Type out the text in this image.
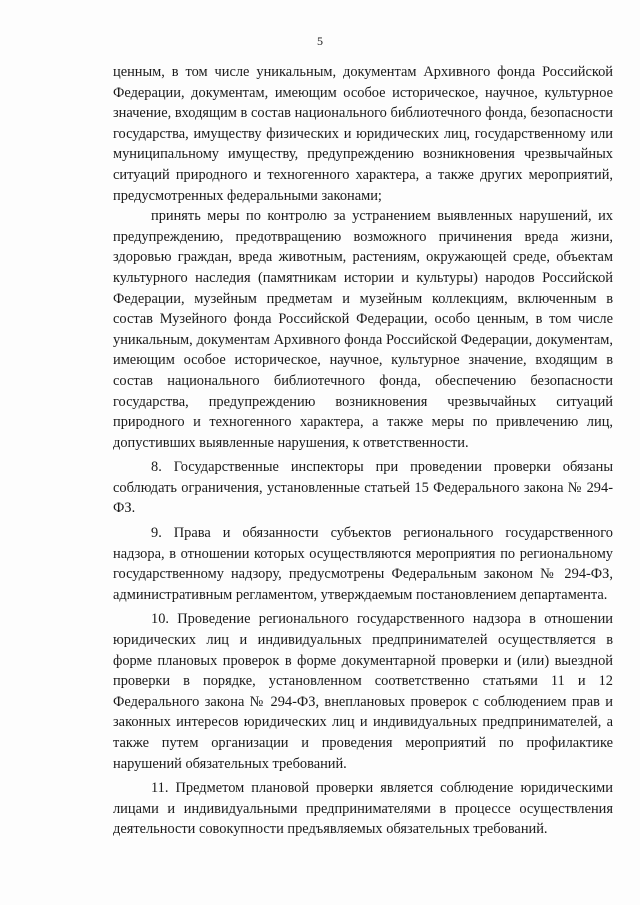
5

ценным, в том числе уникальным, документам Архивного фонда Российской Федерации, документам, имеющим особое историческое, научное, культурное значение, входящим в состав национального библиотечного фонда, безопасности государства, имуществу физических и юридических лиц, государственному или муниципальному имуществу, предупреждению возникновения чрезвычайных ситуаций природного и техногенного характера, а также других мероприятий, предусмотренных федеральными законами;

принять меры по контролю за устранением выявленных нарушений, их предупреждению, предотвращению возможного причинения вреда жизни, здоровью граждан, вреда животным, растениям, окружающей среде, объектам культурного наследия (памятникам истории и культуры) народов Российской Федерации, музейным предметам и музейным коллекциям, включенным в состав Музейного фонда Российской Федерации, особо ценным, в том числе уникальным, документам Архивного фонда Российской Федерации, документам, имеющим особое историческое, научное, культурное значение, входящим в состав национального библиотечного фонда, обеспечению безопасности государства, предупреждению возникновения чрезвычайных ситуаций природного и техногенного характера, а также меры по привлечению лиц, допустивших выявленные нарушения, к ответственности.

8. Государственные инспекторы при проведении проверки обязаны соблюдать ограничения, установленные статьей 15 Федерального закона № 294-ФЗ.

9. Права и обязанности субъектов регионального государственного надзора, в отношении которых осуществляются мероприятия по региональному государственному надзору, предусмотрены Федеральным законом № 294-ФЗ, административным регламентом, утверждаемым постановлением департамента.

10. Проведение регионального государственного надзора в отношении юридических лиц и индивидуальных предпринимателей осуществляется в форме плановых проверок в форме документарной проверки и (или) выездной проверки в порядке, установленном соответственно статьями 11 и 12 Федерального закона № 294-ФЗ, внеплановых проверок с соблюдением прав и законных интересов юридических лиц и индивидуальных предпринимателей, а также путем организации и проведения мероприятий по профилактике нарушений обязательных требований.

11. Предметом плановой проверки является соблюдение юридическими лицами и индивидуальными предпринимателями в процессе осуществления деятельности совокупности предъявляемых обязательных требований.
